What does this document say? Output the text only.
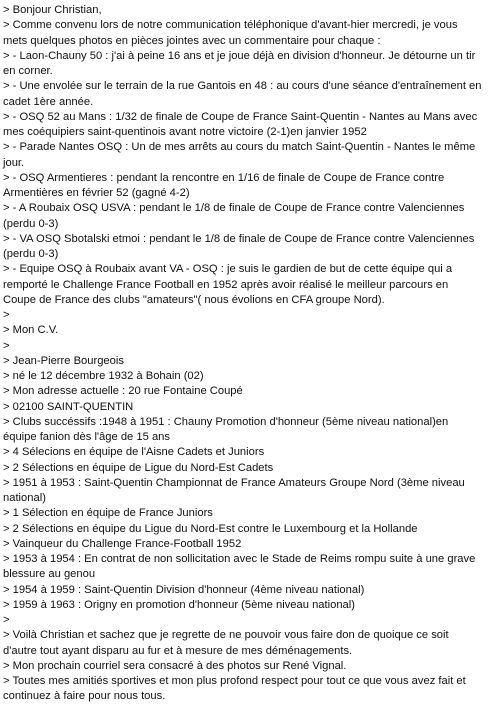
> Bonjour Christian,
> Comme convenu lors de notre communication téléphonique d'avant-hier mercredi, je vous mets quelques photos en pièces jointes avec un commentaire pour chaque :
> - Laon-Chauny 50 : j'ai à peine 16 ans et je joue déjà en division d'honneur. Je détourne un tir en corner.
> - Une envolée sur le terrain de la rue Gantois en 48 : au cours d'une séance d'entraînement en cadet 1ère année.
> - OSQ 52 au Mans : 1/32 de finale de Coupe de France Saint-Quentin - Nantes au Mans avec mes coéquipiers saint-quentinois avant notre victoire (2-1)en janvier 1952
> - Parade Nantes OSQ : Un de mes arrêts au cours du match Saint-Quentin - Nantes le même jour.
> - OSQ Armentieres : pendant la rencontre en 1/16 de finale de Coupe de France contre Armentières en février 52 (gagné 4-2)
> - A Roubaix OSQ USVA : pendant le 1/8 de finale de Coupe de France contre Valenciennes (perdu 0-3)
> - VA OSQ Sbotalski etmoi : pendant le 1/8 de finale de Coupe de France contre Valenciennes (perdu 0-3)
> - Equipe OSQ à Roubaix avant VA - OSQ : je suis le gardien de but de cette équipe qui a remporté le Challenge France Football en 1952 après avoir réalisé le meilleur parcours en Coupe de France des clubs "amateurs"( nous évolions en CFA groupe Nord).
>
> Mon C.V.
>
> Jean-Pierre Bourgeois
> né le 12 décembre 1932 à Bohain (02)
> Mon adresse actuelle : 20 rue Fontaine Coupé
> 02100 SAINT-QUENTIN
> Clubs succéssifs :1948 à 1951 : Chauny Promotion d'honneur (5ème niveau national)en équipe fanion dès l'âge de 15 ans
> 4 Sélecions en équipe de l'Aisne Cadets et Juniors
> 2 Sélections en équipe de Ligue du Nord-Est Cadets
> 1951 à 1953 : Saint-Quentin Championnat de France Amateurs Groupe Nord (3ème niveau national)
> 1 Sélection en équipe de France Juniors
> 2 Sélections en équipe du Ligue du Nord-Est contre le Luxembourg et la Hollande
> Vainqueur du Challenge France-Football 1952
> 1953 à 1954 : En contrat de non sollicitation avec le Stade de Reims rompu suite à une grave blessure au genou
> 1954 à 1959 : Saint-Quentin Division d'honneur (4ème niveau national)
> 1959 à 1963 : Origny en promotion d'honneur (5ème niveau national)
>
> Voilà Christian et sachez que je regrette de ne pouvoir vous faire don de quoique ce soit d'autre tout ayant disparu au fur et à mesure de mes déménagements.
> Mon prochain courriel sera consacré à des photos sur René Vignal.
> Toutes mes amitiés sportives et mon plus profond respect pour tout ce que vous avez fait et continuez à faire pour nous tous.
